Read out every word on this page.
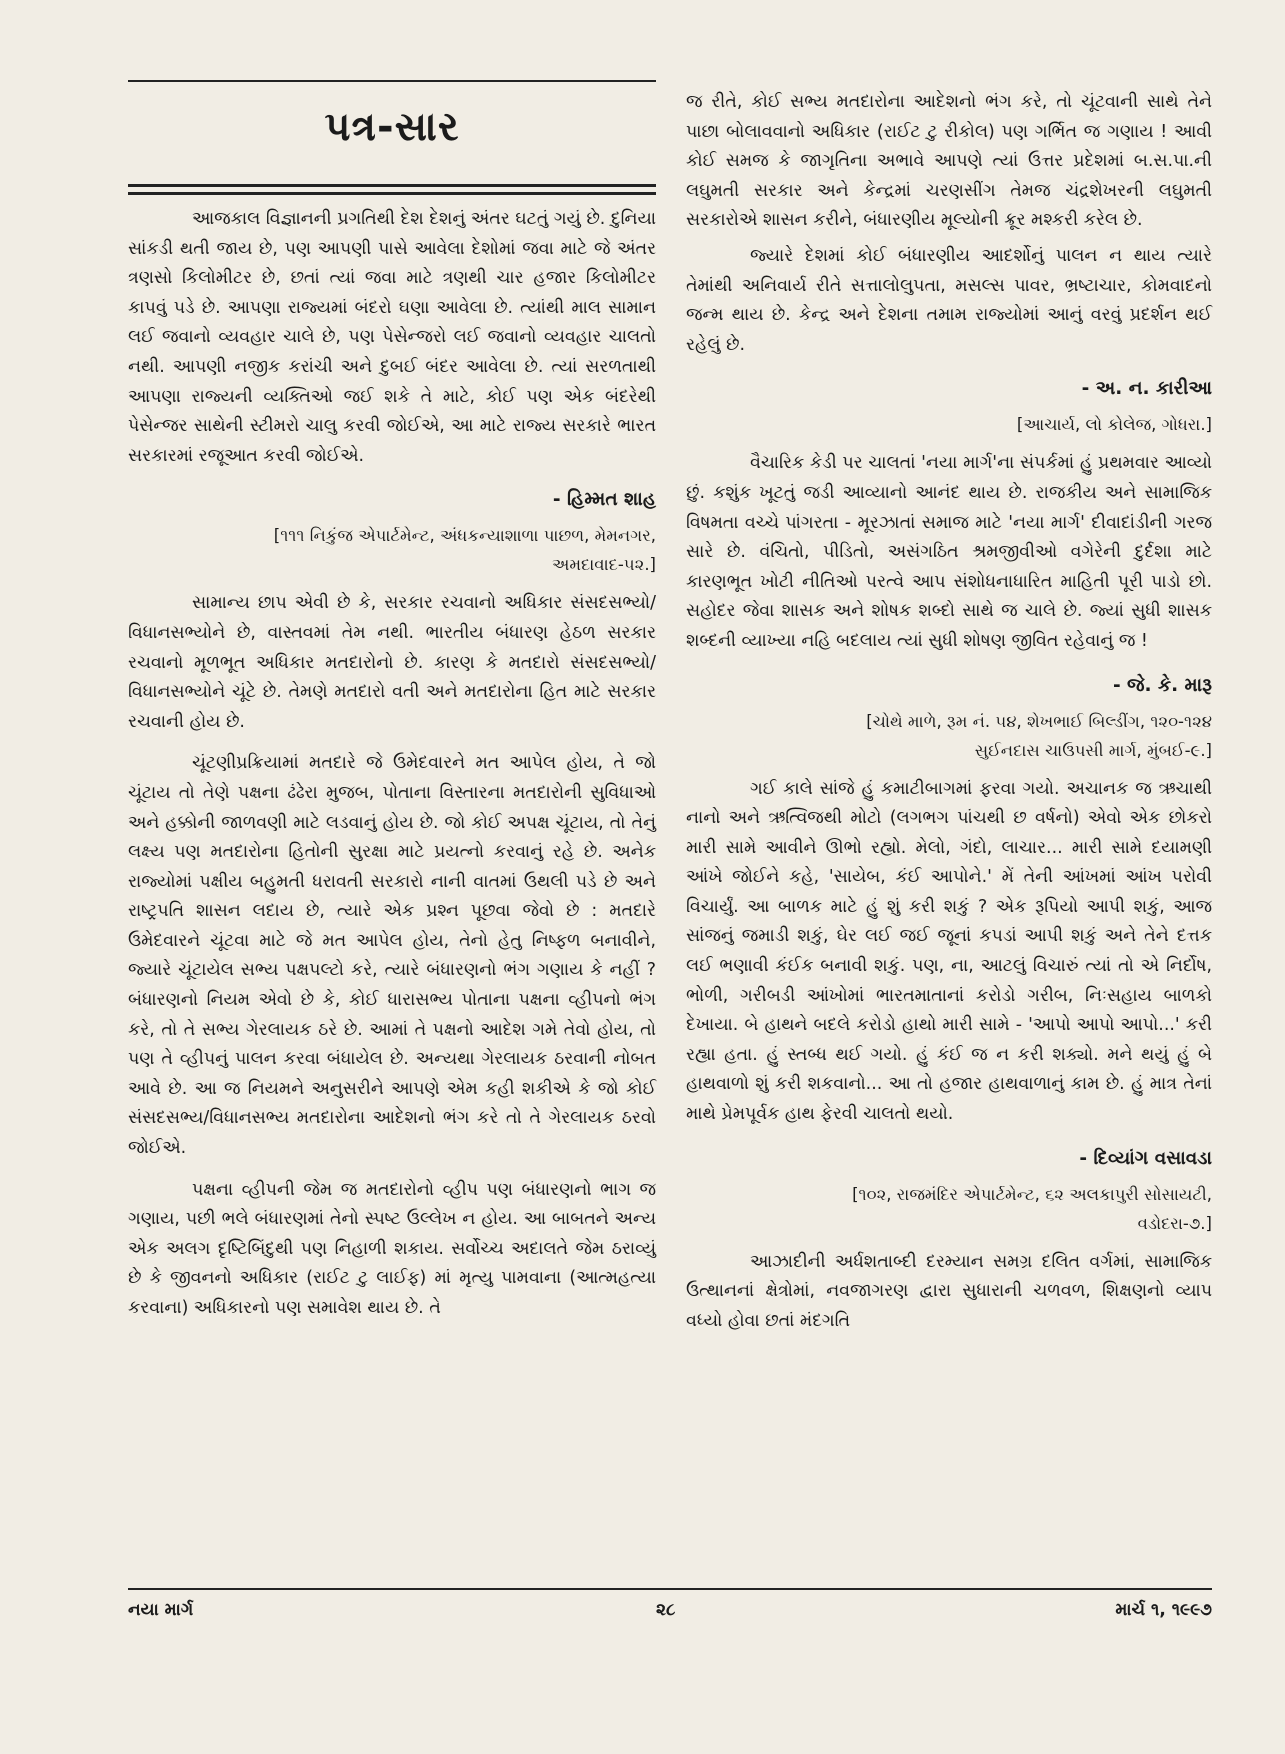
પત્ર-સાર

આજકાલ વિજ્ઞાનની પ્રગતિથી દેશ દેશનું અંતર ઘટતું ગયું છે. દુનિયા સાંકડી થતી જાય છે, પણ આપણી પાસે આવેલા દેશોમાં જવા માટે જે અંતર ત્રણસો કિલોમીટર છે, છતાં ત્યાં જવા માટે ત્રણથી ચાર હજાર કિલોમીટર કાપવું પડે છે. આપણા રાજ્યમાં બંદરો ઘણા આવેલા છે. ત્યાંથી માલ સામાન લઈ જવાનો વ્યવહાર ચાલે છે, પણ પેસેન્જરો લઈ જવાનો વ્યવહાર ચાલતો નથી. આપણી નજીક કરાંચી અને દુબઈ બંદર આવેલા છે. ત્યાં સરળતાથી આપણા રાજ્યની વ્યક્તિઓ જઈ શકે તે માટે, કોઈ પણ એક બંદરેથી પેસેન્જર સાથેની સ્ટીમરો ચાલુ કરવી જોઈએ, આ માટે રાજ્ય સરકારે ભારત સરકારમાં રજૂઆત કરવી જોઈએ.

- હિમ્મત શાહ
[૧૧૧ નિકુંજ એપાર્ટમેન્ટ, અંધકન્યાશાળા પાછળ, મેમનગર,
અમદાવાદ-૫૨.]

સામાન્ય છાપ એવી છે કે, સરકાર રચવાનો અધિકાર સંસદસભ્યો/ વિધાનસભ્યોને છે, વાસ્તવમાં તેમ નથી. ભારતીય બંધારણ હેઠળ સરકાર રચવાનો મૂળભૂત અધિકાર મતદારોનો છે. કારણ કે મતદારો સંસદસભ્યો/ વિધાનસભ્યોને ચૂંટે છે. તેમણે મતદારો વતી અને મતદારોના હિત માટે સરકાર રચવાની હોય છે.

ચૂંટણીપ્રક્રિયામાં મતદારે જે ઉમેદવારને મત આપેલ હોય, તે જો ચૂંટાય તો તેણે પક્ષના ઢંઢેરા મુજબ, પોતાના વિસ્તારના મતદારોની સુવિધાઓ અને હક્કોની જાળવણી માટે લડવાનું હોય છે. જો કોઈ અપક્ષ ચૂંટાય, તો તેનું લક્ષ્ય પણ મતદારોના હિતોની સુરક્ષા માટે પ્રયત્નો કરવાનું રહે છે. અનેક રાજ્યોમાં પક્ષીય બહુમતી ધરાવતી સરકારો નાની વાતમાં ઉથલી પડે છે અને રાષ્ટ્રપતિ શાસન લદાય છે, ત્યારે એક પ્રશ્ન પૂછવા જેવો છે : મતદારે ઉમેદવારને ચૂંટવા માટે જે મત આપેલ હોય, તેનો હેતુ નિષ્ફળ બનાવીને, જ્યારે ચૂંટાયેલ સભ્ય પક્ષપલ્ટો કરે, ત્યારે બંધારણનો ભંગ ગણાય કે નહીં ? બંધારણનો નિયમ એવો છે કે, કોઈ ધારાસભ્ય પોતાના પક્ષના વ્હીપનો ભંગ કરે, તો તે સભ્ય ગેરલાયક ઠરે છે. આમાં તે પક્ષનો આદેશ ગમે તેવો હોય, તો પણ તે વ્હીપનું પાલન કરવા બંધાયેલ છે. અન્યથા ગેરલાયક ઠરવાની નોબત આવે છે. આ જ નિયમને અનુસરીને આપણે એમ કહી શકીએ કે જો કોઈ સંસદસભ્ય/વિધાનસભ્ય મતદારોના આદેશનો ભંગ કરે તો તે ગેરલાયક ઠરવો જોઈએ.

પક્ષના વ્હીપની જેમ જ મતદારોનો વ્હીપ પણ બંધારણનો ભાગ જ ગણાય, પછી ભલે બંધારણમાં તેનો સ્પષ્ટ ઉલ્લેખ ન હોય. આ બાબતને અન્ય એક અલગ દૃષ્ટિબિંદુથી પણ નિહાળી શકાય. સર્વોચ્ચ અદાલતે જેમ ઠરાવ્યું છે કે જીવનનો અધિકાર (રાઈટ ટુ લાઈફ) માં મૃત્યુ પામવાના (આત્મહત્યા કરવાના) અધિકારનો પણ સમાવેશ થાય છે. તે

જ રીતે, કોઈ સભ્ય મતદારોના આદેશનો ભંગ કરે, તો ચૂંટવાની સાથે તેને પાછા બોલાવવાનો અધિકાર (રાઈટ ટુ રીકોલ) પણ ગર્ભિત જ ગણાય ! આવી કોઈ સમજ કે જાગૃતિના અભાવે આપણે ત્યાં ઉત્તર પ્રદેશમાં બ.સ.પા.ની લઘુમતી સરકાર અને કેન્દ્રમાં ચરણસીંગ તેમજ ચંદ્રશેખરની લઘુમતી સરકારોએ શાસન કરીને, બંધારણીય મૂલ્યોની ક્રૂર મશ્કરી કરેલ છે.

જ્યારે દેશમાં કોઈ બંધારણીય આદર્શોનું પાલન ન થાય ત્યારે તેમાંથી અનિવાર્ય રીતે સત્તાલોલુપતા, મસલ્સ પાવર, ભ્રષ્ટાચાર, કોમવાદનો જન્મ થાય છે. કેન્દ્ર અને દેશના તમામ રાજ્યોમાં આનું વરવું પ્રદર્શન થઈ રહેલું છે.

- અ. ન. કારીઆ
[આચાર્ય, લો કોલેજ, ગોધરા.]

વૈચારિક કેડી પર ચાલતાં 'નયા માર્ગ'ના સંપર્કમાં હું પ્રથમવાર આવ્યો છું. કશુંક ખૂટતું જડી આવ્યાનો આનંદ થાય છે. રાજકીય અને સામાજિક વિષમતા વચ્ચે પાંગરતા - મૂરઝાતાં સમાજ માટે 'નયા માર્ગ' દીવાદાંડીની ગરજ સારે છે. વંચિતો, પીડિતો, અસંગઠિત શ્રમજીવીઓ વગેરેની દુર્દશા માટે કારણભૂત ખોટી નીતિઓ પરત્વે આપ સંશોધનાધારિત માહિતી પૂરી પાડો છો. સહોદર જેવા શાસક અને શોષક શબ્દો સાથે જ ચાલે છે. જ્યાં સુધી શાસક શબ્દની વ્યાખ્યા નહિ બદલાય ત્યાં સુધી શોષણ જીવિત રહેવાનું જ !

- જે. કે. મારૂ
[ચોથે માળે, રૂમ નં. ૫૪, શેખભાઈ બિલ્ડીંગ, ૧૨૦-૧૨૪
સુઈનદાસ ચાઉપસી માર્ગ, મુંબઈ-૯.]

ગઈ કાલે સાંજે હું કમાટીબાગમાં ફરવા ગયો. અચાનક જ ઋચાથી નાનો અને ઋત્વિજથી મોટો (લગભગ પાંચથી છ વર્ષનો) એવો એક છોકરો મારી સામે આવીને ઊભો રહ્યો. મેલો, ગંદો, લાચાર... મારી સામે દયામણી આંખે જોઈને કહે, 'સાયેબ, કંઈ આપોને.' મેં તેની આંખમાં આંખ પરોવી વિચાર્યું. આ બાળક માટે હું શું કરી શકું ? એક રૂપિયો આપી શકું, આજ સાંજનું જમાડી શકું, ઘેર લઈ જઈ જૂનાં કપડાં આપી શકું અને તેને દત્તક લઈ ભણાવી કંઈક બનાવી શકું. પણ, ના, આટલું વિચારું ત્યાં તો એ નિર્દોષ, ભોળી, ગરીબડી આંખોમાં ભારતમાતાનાં કરોડો ગરીબ, નિઃસહાય બાળકો દેખાયા. બે હાથને બદલે કરોડો હાથો મારી સામે - 'આપો આપો આપો...' કરી રહ્યા હતા. હું સ્તબ્ધ થઈ ગયો. હું કંઈ જ ન કરી શક્યો. મને થયું હું બે હાથવાળો શું કરી શકવાનો... આ તો હજાર હાથવાળાનું કામ છે. હું માત્ર તેનાં માથે પ્રેમપૂર્વક હાથ ફેરવી ચાલતો થયો.

- દિવ્યાંગ વસાવડા
[૧૦૨, રાજમંદિર એપાર્ટમેન્ટ, ૬૨ અલકાપુરી સોસાયટી,
વડોદરા-૭.]

આઝાદીની અર્ધશતાબ્દી દરમ્યાન સમગ્ર દલિત વર્ગમાં, સામાજિક ઉત્થાનનાં ક્ષેત્રોમાં, નવજાગરણ દ્વારા સુધારાની ચળવળ, શિક્ષણનો વ્યાપ વધ્યો હોવા છતાં મંદગતિ

નયા માર્ગ	૨૮	માર્ચ ૧, ૧૯૯૭
